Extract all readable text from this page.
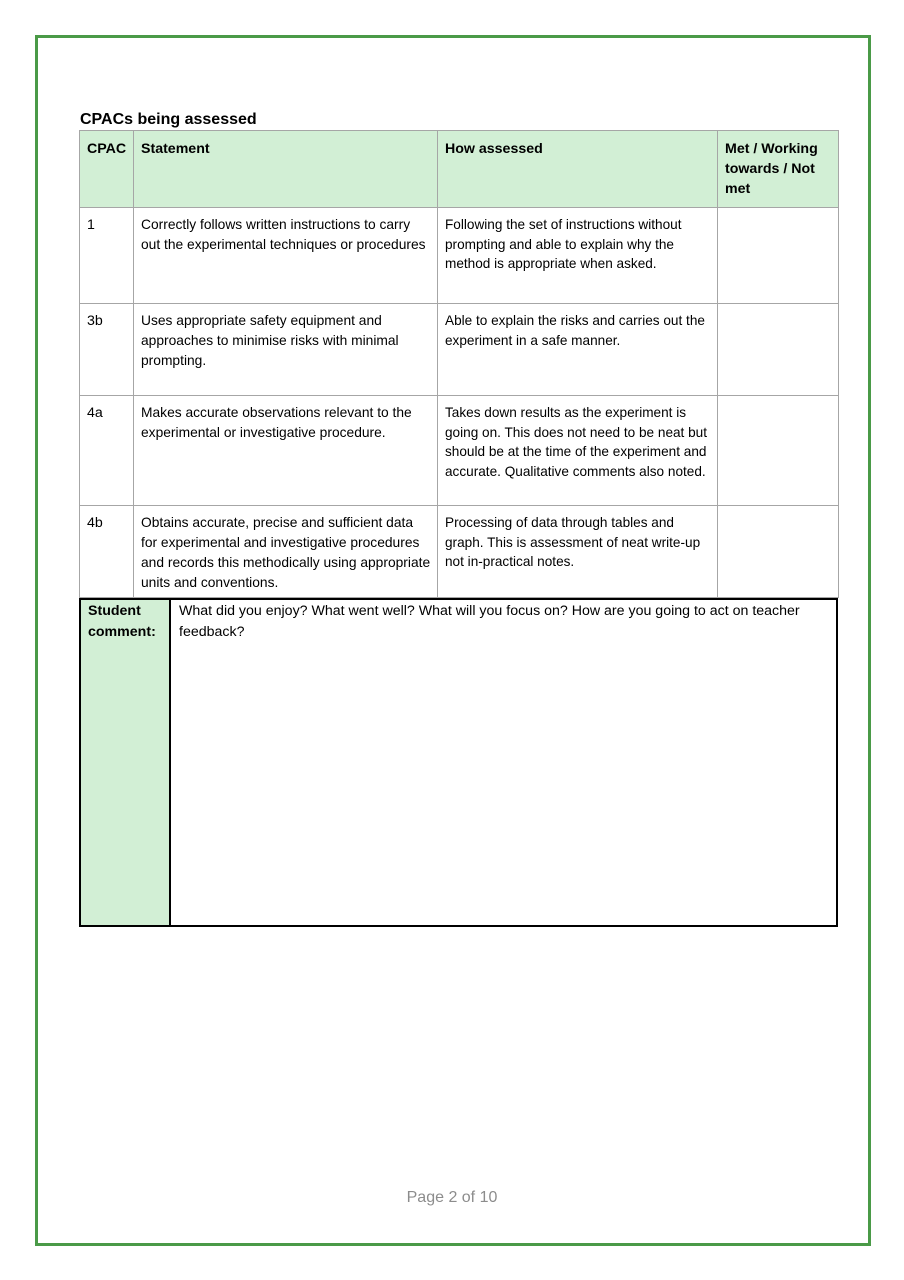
CPACs being assessed
CPAC	Statement	How assessed	Met / Working towards / Not met
1	Correctly follows written instructions to carry out the experimental techniques or procedures	Following the set of instructions without prompting and able to explain why the method is appropriate when asked.	
3b	Uses appropriate safety equipment and approaches to minimise risks with minimal prompting.	Able to explain the risks and carries out the experiment in a safe manner.	
4a	Makes accurate observations relevant to the experimental or investigative procedure.	Takes down results as the experiment is going on. This does not need to be neat but should be at the time of the experiment and accurate. Qualitative comments also noted.	
4b	Obtains accurate, precise and sufficient data for experimental and investigative procedures and records this methodically using appropriate units and conventions.	Processing of data through tables and graph. This is assessment of neat write-up not in-practical notes.	
Student comment:	What did you enjoy? What went well? What will you focus on? How are you going to act on teacher feedback?
Page 2 of 10
